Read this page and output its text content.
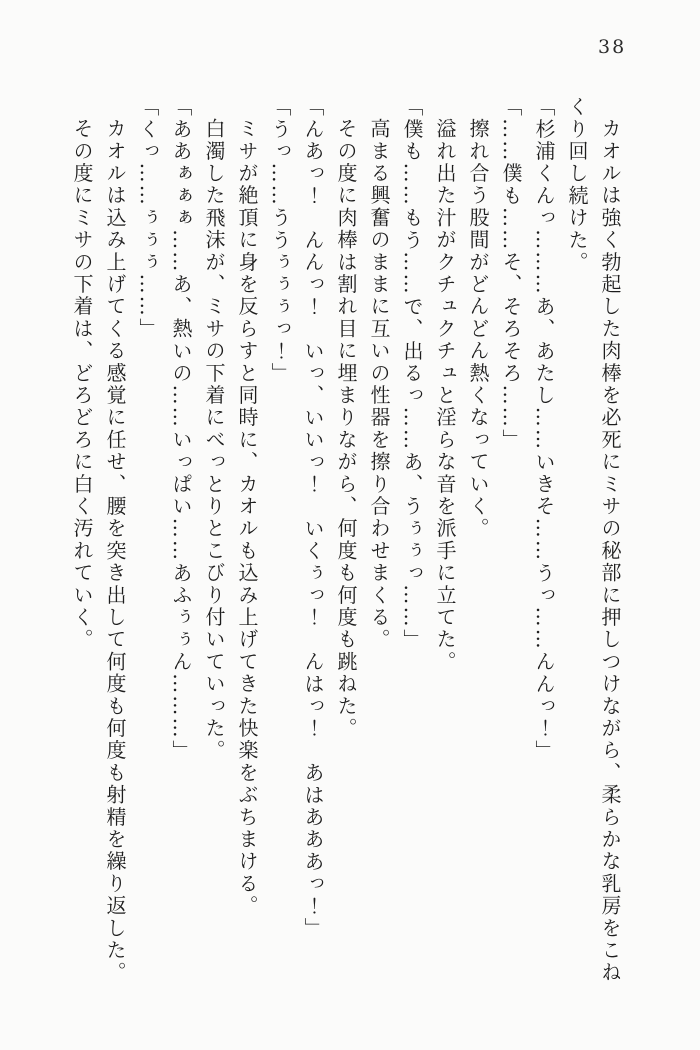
38

カオルは強く勃起した肉棒を必死にミサの秘部に押しつけながら、柔らかな乳房をこねくり回し続けた。

「杉浦くんっ………あ、あたし……いきそ……うっ……んんっ！」

「……僕も……そ、そろそろ……」

擦れ合う股間がどんどん熱くなっていく。

溢れ出た汁がクチュクチュと淫らな音を派手に立てた。

「僕も……もう……で、出るっ……あ、うぅぅっ……」

高まる興奮のままに互いの性器を擦り合わせまくる。

その度に肉棒は割れ目に埋まりながら、何度も何度も跳ねた。

「んあっ！　んんっ！　いっ、いいっ！　いくぅっ！　んはっ！　あはあああっ！」

「うっ……ううぅぅぅっ！」

ミサが絶頂に身を反らすと同時に、カオルも込み上げてきた快楽をぶちまける。

白濁した飛沫が、ミサの下着にべっとりとこびり付いていった。

「ああぁぁぁ……あ、熱いの……いっぱい……あふぅぅん………」

「くっ……ぅぅぅ……」

カオルは込み上げてくる感覚に任せ、腰を突き出して何度も何度も射精を繰り返した。

その度にミサの下着は、どろどろに白く汚れていく。
